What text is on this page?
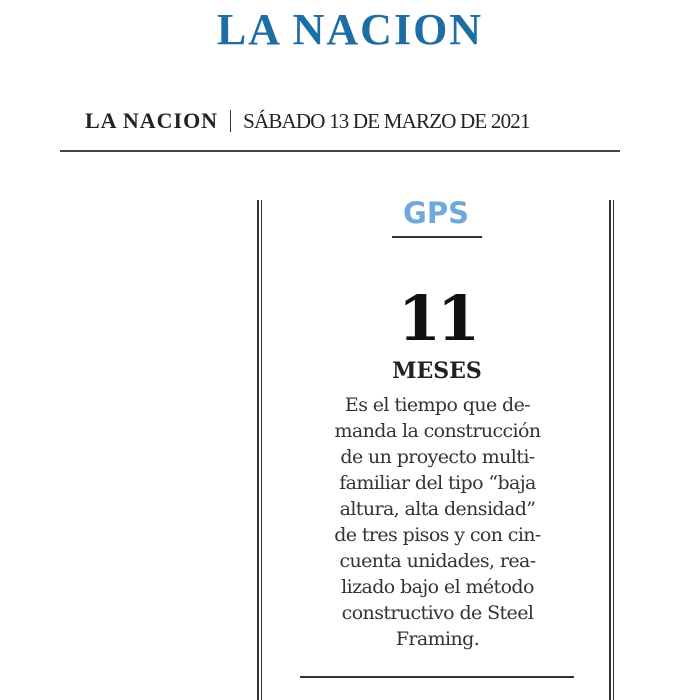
LA NACION
LA NACION SÁBADO 13 DE MARZO DE 2021
GPS
11
MESES
Es el tiempo que de-
manda la construcción
de un proyecto multi-
familiar del tipo “baja
altura, alta densidad”
de tres pisos y con cin-
cuenta unidades, rea-
lizado bajo el método
constructivo de Steel
Framing.
